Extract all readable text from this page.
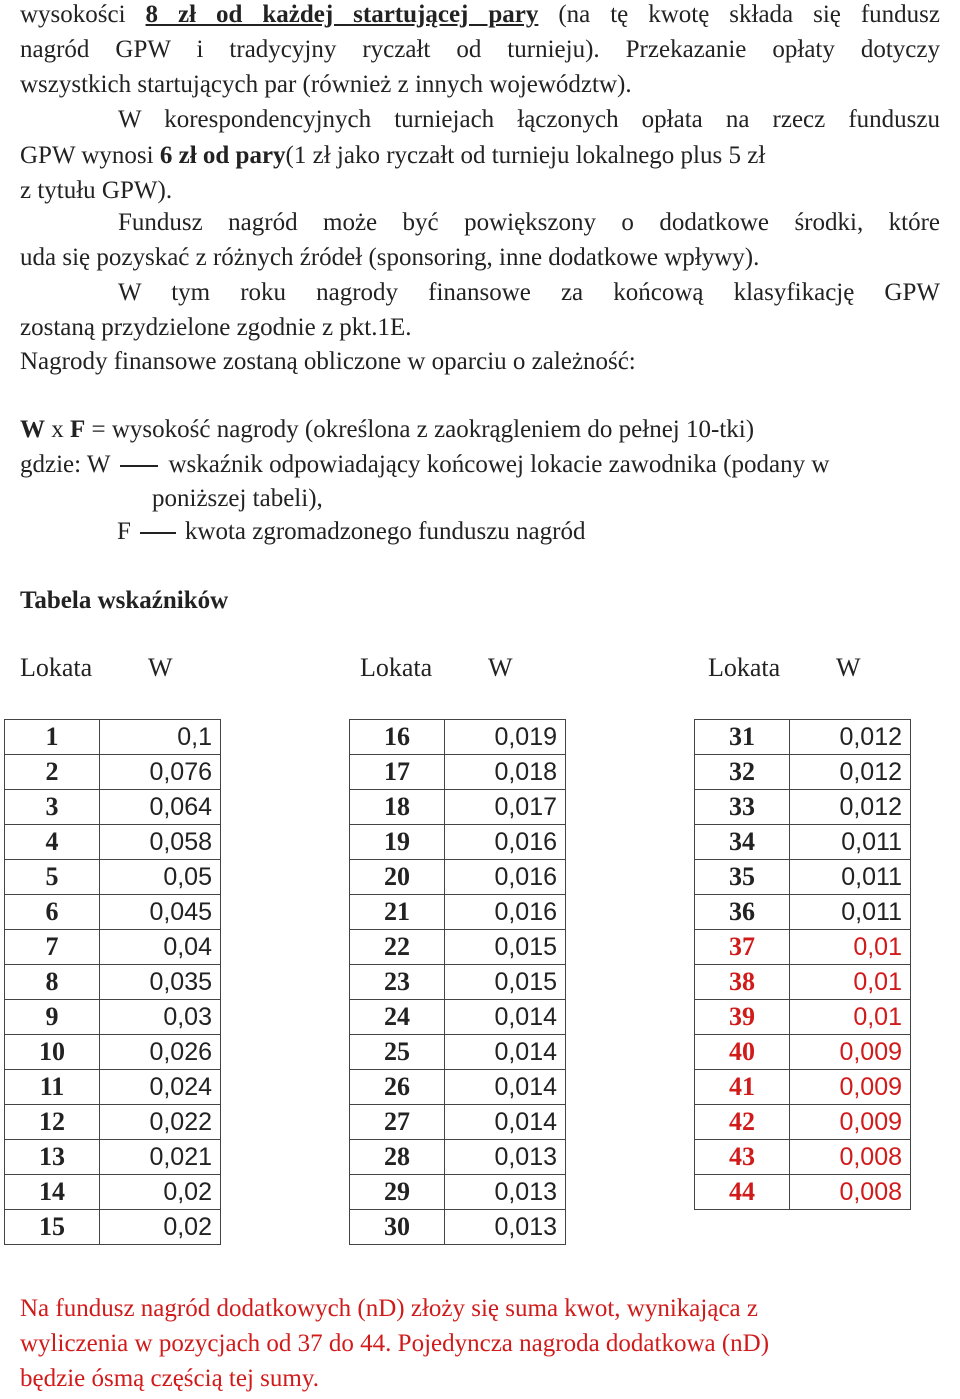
wysokości 8 zł od każdej startującej pary (na tę kwotę składa się fundusz
nagród GPW i tradycyjny ryczałt od turnieju). Przekazanie opłaty dotyczy
wszystkich startujących par (również z innych województw).
W korespondencyjnych turniejach łączonych opłata na rzecz funduszu
GPW wynosi 6 zł od pary(1 zł jako ryczałt od turnieju lokalnego plus 5 zł
z tytułu GPW).
Fundusz nagród może być powiększony o dodatkowe środki, które
uda się pozyskać z różnych źródeł (sponsoring, inne dodatkowe wpływy).
W tym roku nagrody finansowe za końcową klasyfikację GPW
zostaną przydzielone zgodnie z pkt.1E.
Nagrody finansowe zostaną obliczone w oparciu o zależność:
W x F = wysokość nagrody (określona z zaokrągleniem do pełnej 10-tki)
gdzie: W wskaźnik odpowiadający końcowej lokacie zawodnika (podany w
poniższej tabeli),
F kwota zgromadzonego funduszu nagród
Tabela wskaźników
Lokata W	Lokata W	Lokata W
1	0,1
2	0,076
3	0,064
4	0,058
5	0,05
6	0,045
7	0,04
8	0,035
9	0,03
10	0,026
11	0,024
12	0,022
13	0,021
14	0,02
15	0,02
16	0,019
17	0,018
18	0,017
19	0,016
20	0,016
21	0,016
22	0,015
23	0,015
24	0,014
25	0,014
26	0,014
27	0,014
28	0,013
29	0,013
30	0,013
31	0,012
32	0,012
33	0,012
34	0,011
35	0,011
36	0,011
37	0,01
38	0,01
39	0,01
40	0,009
41	0,009
42	0,009
43	0,008
44	0,008
Na fundusz nagród dodatkowych (nD) złoży się suma kwot, wynikająca z
wyliczenia w pozycjach od 37 do 44. Pojedyncza nagroda dodatkowa (nD)
będzie ósmą częścią tej sumy.
